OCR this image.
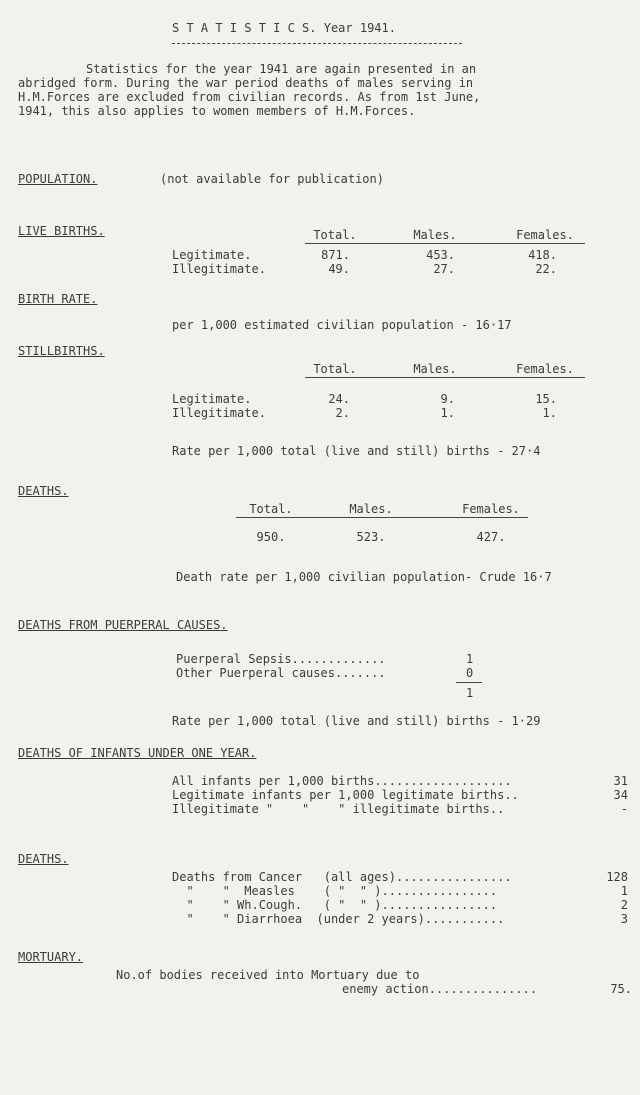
S T A T I S T I C S. Year 1941.
Statistics for the year 1941 are again presented in an
abridged form. During the war period deaths of males serving in
H.M.Forces are excluded from civilian records. As from 1st June,
1941, this also applies to women members of H.M.Forces.
POPULATION.	(not available for publication)
LIVE BIRTHS.	Total.	Males.	Females.
Legitimate.	871.	453.	418.
Illegitimate.	49.	27.	22.
BIRTH RATE.
per 1,000 estimated civilian population - 16·17
STILLBIRTHS.
Total.	Males.	Females.
Legitimate.	24.	9.	15.
Illegitimate.	2.	1.	1.
Rate per 1,000 total (live and still) births - 27·4
DEATHS.
Total.	Males.	Females.
950.	523.	427.
Death rate per 1,000 civilian population- Crude 16·7
DEATHS FROM PUERPERAL CAUSES.
Puerperal Sepsis.............	1
Other Puerperal causes.......	0
1
Rate per 1,000 total (live and still) births - 1·29
DEATHS OF INFANTS UNDER ONE YEAR.
All infants per 1,000 births...................	31
Legitimate infants per 1,000 legitimate births..	34
Illegitimate "    "    " illegitimate births..	-
DEATHS.
Deaths from Cancer   (all ages)................	128
"    "  Measles    ( "  " )................	1
"    " Wh.Cough.   ( "  " )................	2
"    " Diarrhoea  (under 2 years)...........	3
MORTUARY.
No.of bodies received into Mortuary due to
enemy action...............	75.
